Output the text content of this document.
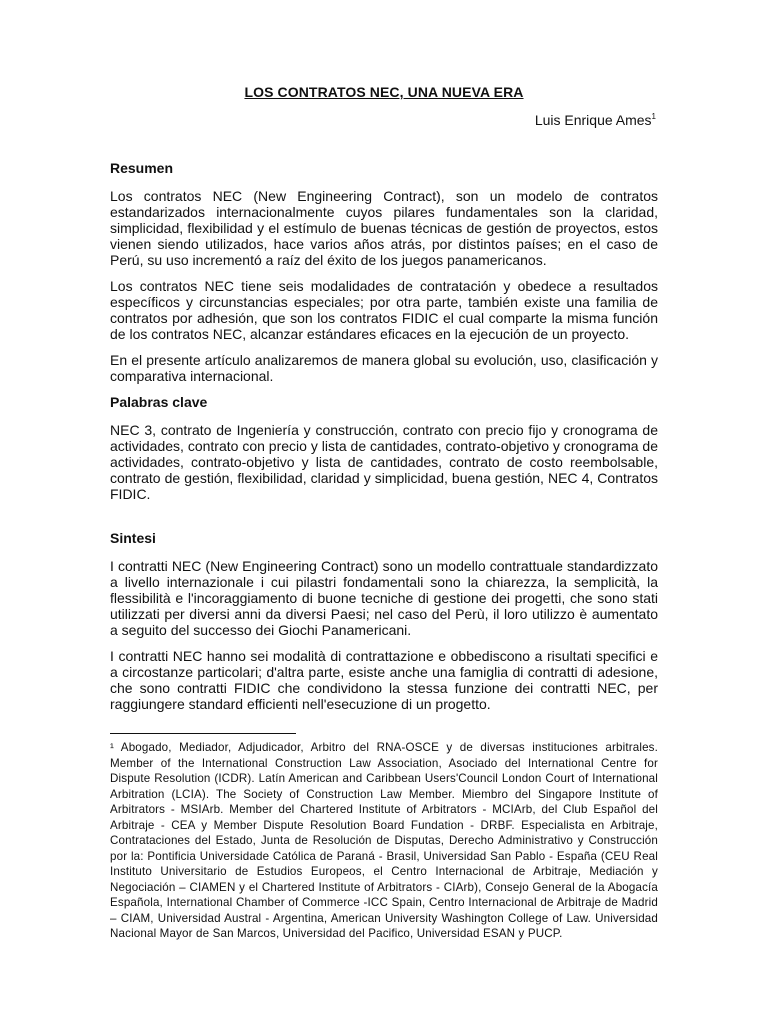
LOS CONTRATOS NEC, UNA NUEVA ERA
Luis Enrique Ames$^1$
Resumen

Los contratos NEC (New Engineering Contract), son un modelo de contratos estandarizados internacionalmente cuyos pilares fundamentales son la claridad, simplicidad, flexibilidad y el estímulo de buenas técnicas de gestión de proyectos, estos vienen siendo utilizados, hace varios años atrás, por distintos países; en el caso de Perú, su uso incrementó a raíz del éxito de los juegos panamericanos.

Los contratos NEC tiene seis modalidades de contratación y obedece a resultados específicos y circunstancias especiales; por otra parte, también existe una familia de contratos por adhesión, que son los contratos FIDIC el cual comparte la misma función de los contratos NEC, alcanzar estándares eficaces en la ejecución de un proyecto.

En el presente artículo analizaremos de manera global su evolución, uso, clasificación y comparativa internacional.

Palabras clave

NEC 3, contrato de Ingeniería y construcción, contrato con precio fijo y cronograma de actividades, contrato con precio y lista de cantidades, contrato-objetivo y cronograma de actividades, contrato-objetivo y lista de cantidades, contrato de costo reembolsable, contrato de gestión, flexibilidad, claridad y simplicidad, buena gestión, NEC 4, Contratos FIDIC.

Sintesi

I contratti NEC (New Engineering Contract) sono un modello contrattuale standardizzato a livello internazionale i cui pilastri fondamentali sono la chiarezza, la semplicità, la flessibilità e l'incoraggiamento di buone tecniche di gestione dei progetti, che sono stati utilizzati per diversi anni da diversi Paesi; nel caso del Perù, il loro utilizzo è aumentato a seguito del successo dei Giochi Panamericani.

I contratti NEC hanno sei modalità di contrattazione e obbediscono a risultati specifici e a circostanze particolari; d'altra parte, esiste anche una famiglia di contratti di adesione, che sono contratti FIDIC che condividono la stessa funzione dei contratti NEC, per raggiungere standard efficienti nell'esecuzione di un progetto.

¹ Abogado, Mediador, Adjudicador, Arbitro del RNA-OSCE y de diversas instituciones arbitrales. Member of the International Construction Law Association, Asociado del International Centre for Dispute Resolution (ICDR). Latín American and Caribbean Users'Council London Court of International Arbitration (LCIA). The Society of Construction Law Member. Miembro del Singapore Institute of Arbitrators - MSIArb. Member del Chartered Institute of Arbitrators - MCIArb, del Club Español del Arbitraje - CEA y Member Dispute Resolution Board Fundation - DRBF. Especialista en Arbitraje, Contrataciones del Estado, Junta de Resolución de Disputas, Derecho Administrativo y Construcción por la: Pontificia Universidade Católica de Paraná - Brasil, Universidad San Pablo - España (CEU Real Instituto Universitario de Estudios Europeos, el Centro Internacional de Arbitraje, Mediación y Negociación – CIAMEN y el Chartered Institute of Arbitrators - CIArb), Consejo General de la Abogacía Española, International Chamber of Commerce -ICC Spain, Centro Internacional de Arbitraje de Madrid – CIAM, Universidad Austral - Argentina, American University Washington College of Law. Universidad Nacional Mayor de San Marcos, Universidad del Pacifico, Universidad ESAN y PUCP.
